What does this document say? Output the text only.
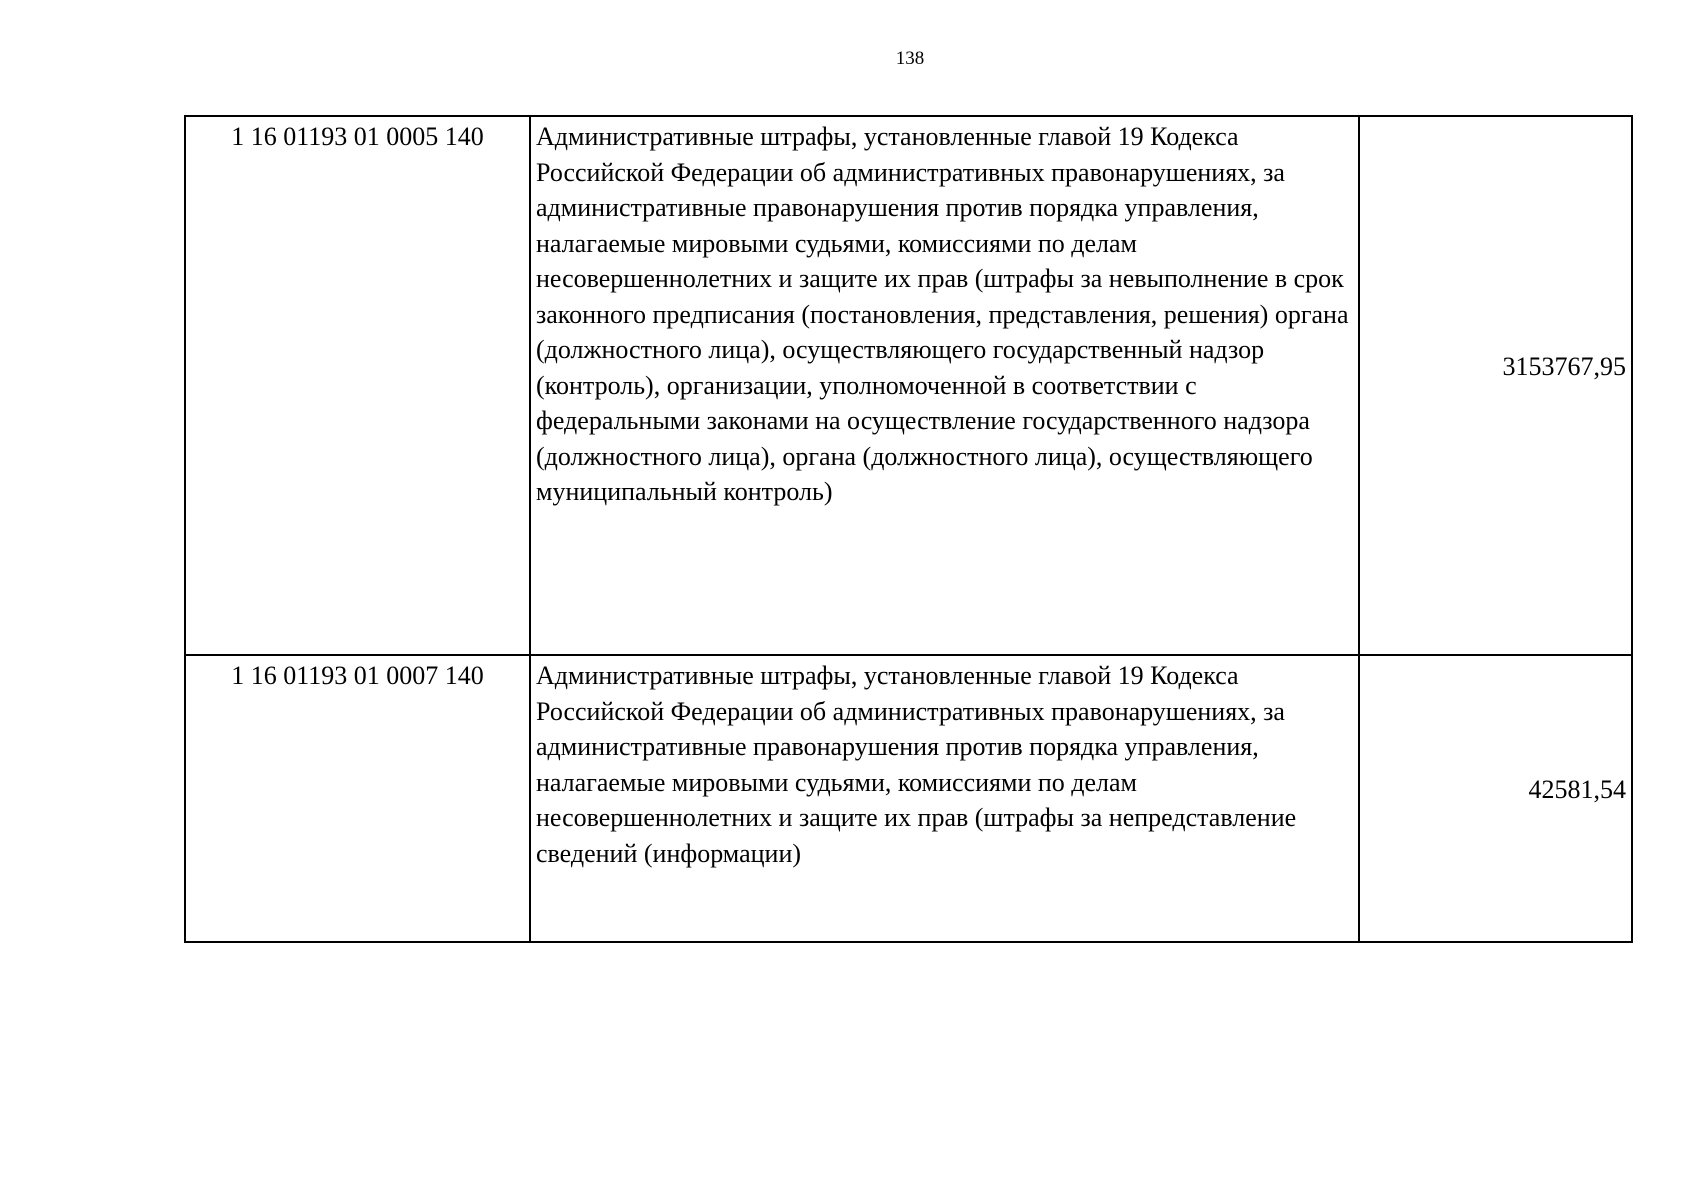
138
1 16 01193 01 0005 140	Административные штрафы, установленные главой 19 Кодекса Российской Федерации об административных правонарушениях, за административные правонарушения против порядка управления, налагаемые мировыми судьями, комиссиями по делам несовершеннолетних и защите их прав (штрафы за невыполнение в срок законного предписания (постановления, представления, решения) органа (должностного лица), осуществляющего государственный надзор (контроль), организации, уполномоченной в соответствии с федеральными законами на осуществление государственного надзора (должностного лица), органа (должностного лица), осуществляющего муниципальный контроль)	3153767,95
1 16 01193 01 0007 140	Административные штрафы, установленные главой 19 Кодекса Российской Федерации об административных правонарушениях, за административные правонарушения против порядка управления, налагаемые мировыми судьями, комиссиями по делам несовершеннолетних и защите их прав (штрафы за непредставление сведений (информации)	42581,54
